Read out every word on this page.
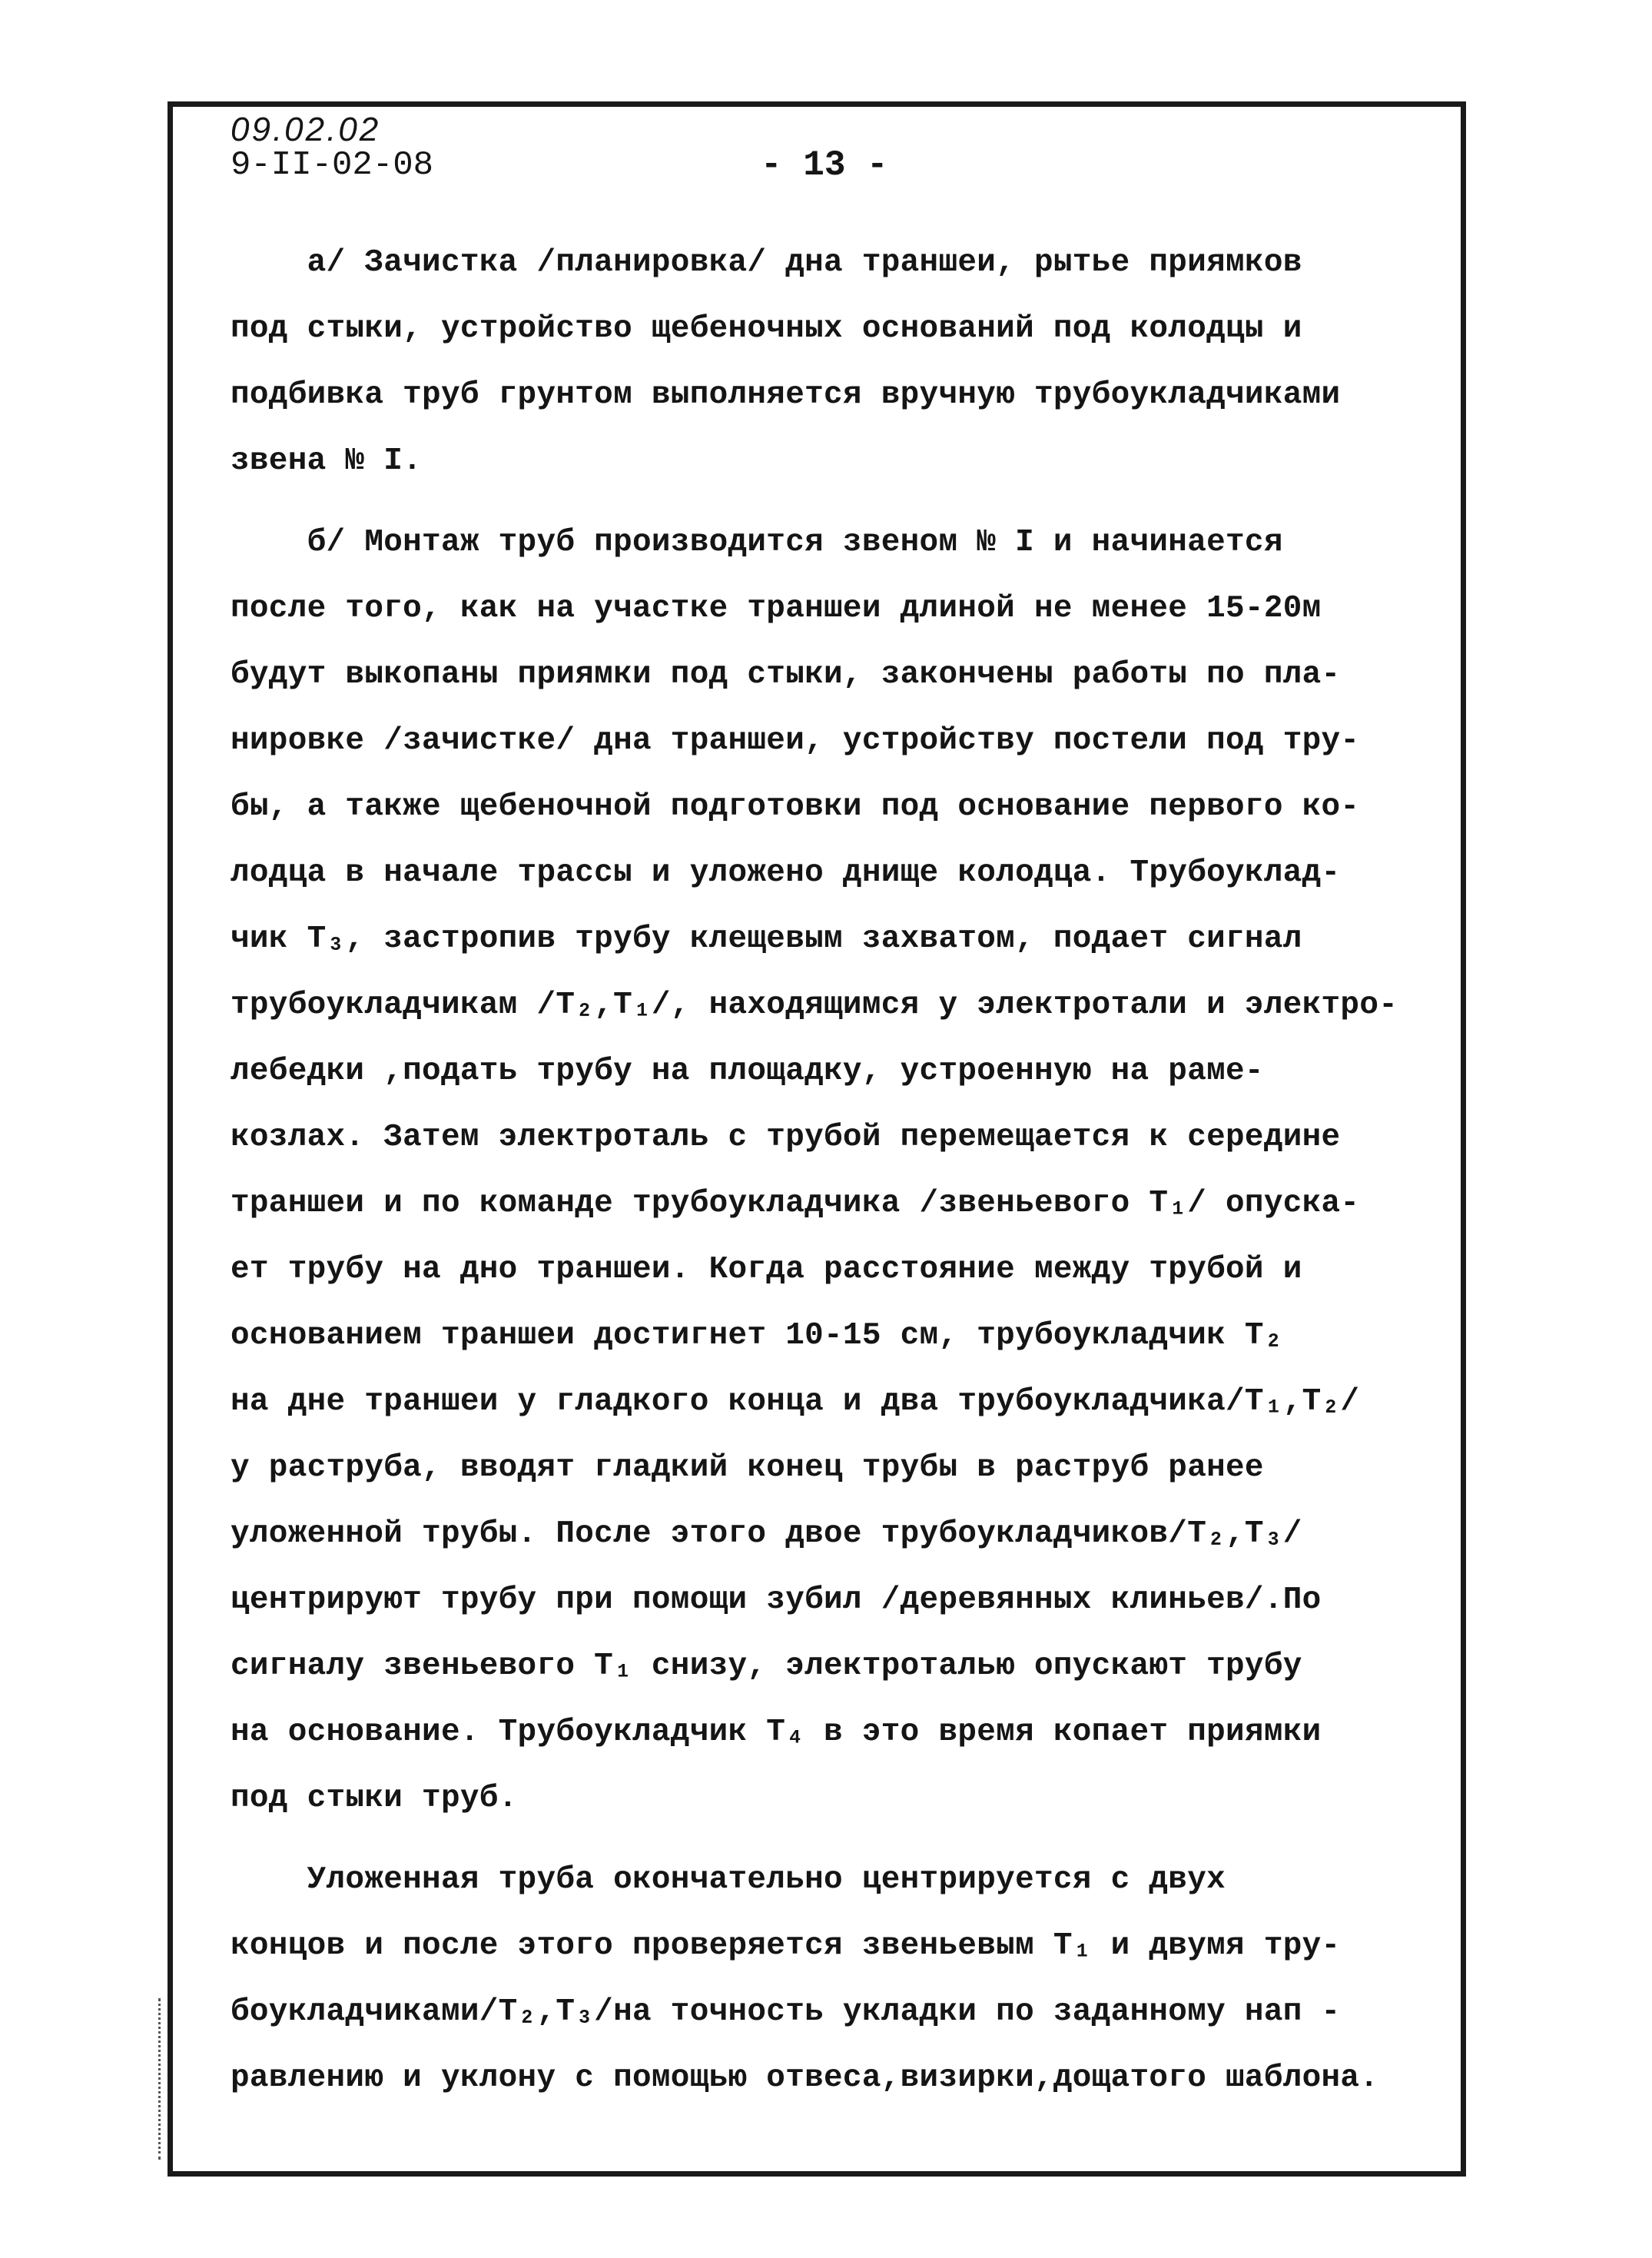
09.02.02
9-II-02-08	- 13 -
а/ Зачистка /планировка/ дна траншеи, рытье приямков
под стыки, устройство щебеночных оснований под колодцы и
подбивка труб грунтом выполняется вручную трубоукладчиками
звена № I.
б/ Монтаж труб производится звеном № I и начинается
после того, как на участке траншеи длиной не менее 15-20м
будут выкопаны приямки под стыки, закончены работы по пла-
нировке /зачистке/ дна траншеи, устройству постели под тру-
бы, а также щебеночной подготовки под основание первого ко-
лодца в начале трассы и уложено днище колодца. Трубоуклад-
чик Т₃, застропив трубу клещевым захватом, подает сигнал
трубоукладчикам /Т₂,Т₁/, находящимся у электротали и электро-
лебедки ,подать трубу на площадку, устроенную на раме-
козлах. Затем электроталь с трубой перемещается к середине
траншеи и по команде трубоукладчика /звеньевого Т₁/ опуска-
ет трубу на дно траншеи. Когда расстояние между трубой и
основанием траншеи достигнет 10-15 см, трубоукладчик Т₂
на дне траншеи у гладкого конца и два трубоукладчика/Т₁,Т₂/
у раструба, вводят гладкий конец трубы в раструб ранее
уложенной трубы. После этого двое трубоукладчиков/Т₂,Т₃/
центрируют трубу при помощи зубил /деревянных клиньев/.По
сигналу звеньевого Т₁ снизу, электроталью опускают трубу
на основание. Трубоукладчик Т₄ в это время копает приямки
под стыки труб.
Уложенная труба окончательно центрируется с двух
концов и после этого проверяется звеньевым Т₁ и двумя тру-
боукладчиками/Т₂,Т₃/на точность укладки по заданному нап -
равлению и уклону с помощью отвеса,визирки,дощатого шаблона.
